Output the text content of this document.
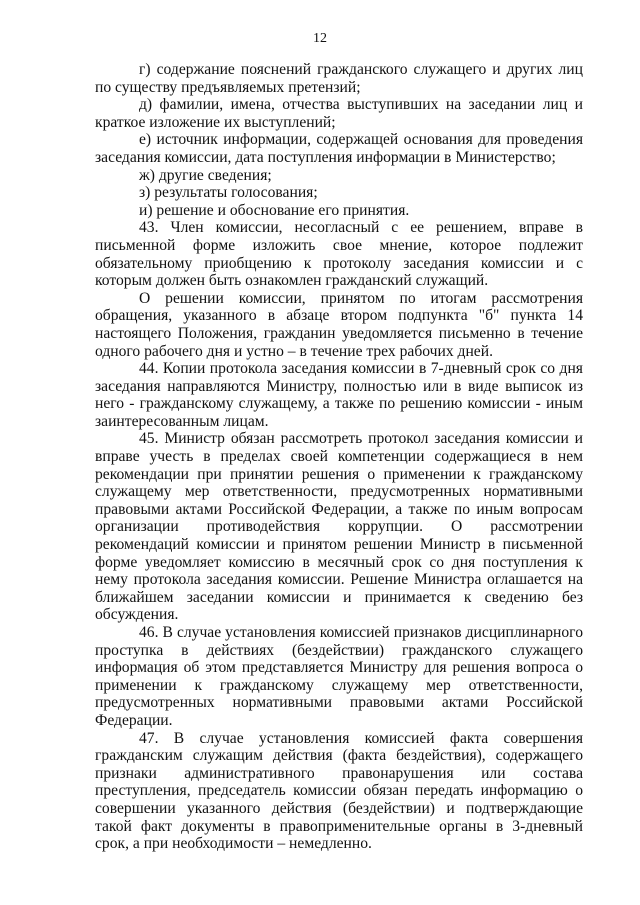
12

г) содержание пояснений гражданского служащего и других лиц по существу предъявляемых претензий;

д) фамилии, имена, отчества выступивших на заседании лиц и краткое изложение их выступлений;

е) источник информации, содержащей основания для проведения заседания комиссии, дата поступления информации в Министерство;

ж) другие сведения;

з) результаты голосования;

и) решение и обоснование его принятия.

43. Член комиссии, несогласный с ее решением, вправе в письменной форме изложить свое мнение, которое подлежит обязательному приобщению к протоколу заседания комиссии и с которым должен быть ознакомлен гражданский служащий.

О решении комиссии, принятом по итогам рассмотрения обращения, указанного в абзаце втором подпункта "б" пункта 14 настоящего Положения, гражданин уведомляется письменно в течение одного рабочего дня и устно – в течение трех рабочих дней.

44. Копии протокола заседания комиссии в 7-дневный срок со дня заседания направляются Министру, полностью или в виде выписок из него - гражданскому служащему, а также по решению комиссии - иным заинтересованным лицам.

45. Министр обязан рассмотреть протокол заседания комиссии и вправе учесть в пределах своей компетенции содержащиеся в нем рекомендации при принятии решения о применении к гражданскому служащему мер ответственности, предусмотренных нормативными правовыми актами Российской Федерации, а также по иным вопросам организации противодействия коррупции. О рассмотрении рекомендаций комиссии и принятом решении Министр в письменной форме уведомляет комиссию в месячный срок со дня поступления к нему протокола заседания комиссии. Решение Министра оглашается на ближайшем заседании комиссии и принимается к сведению без обсуждения.

46. В случае установления комиссией признаков дисциплинарного проступка в действиях (бездействии) гражданского служащего информация об этом представляется Министру для решения вопроса о применении к гражданскому служащему мер ответственности, предусмотренных нормативными правовыми актами Российской Федерации.

47. В случае установления комиссией факта совершения гражданским служащим действия (факта бездействия), содержащего признаки административного правонарушения или состава преступления, председатель комиссии обязан передать информацию о совершении указанного действия (бездействии) и подтверждающие такой факт документы в правоприменительные органы в 3-дневный срок, а при необходимости – немедленно.
